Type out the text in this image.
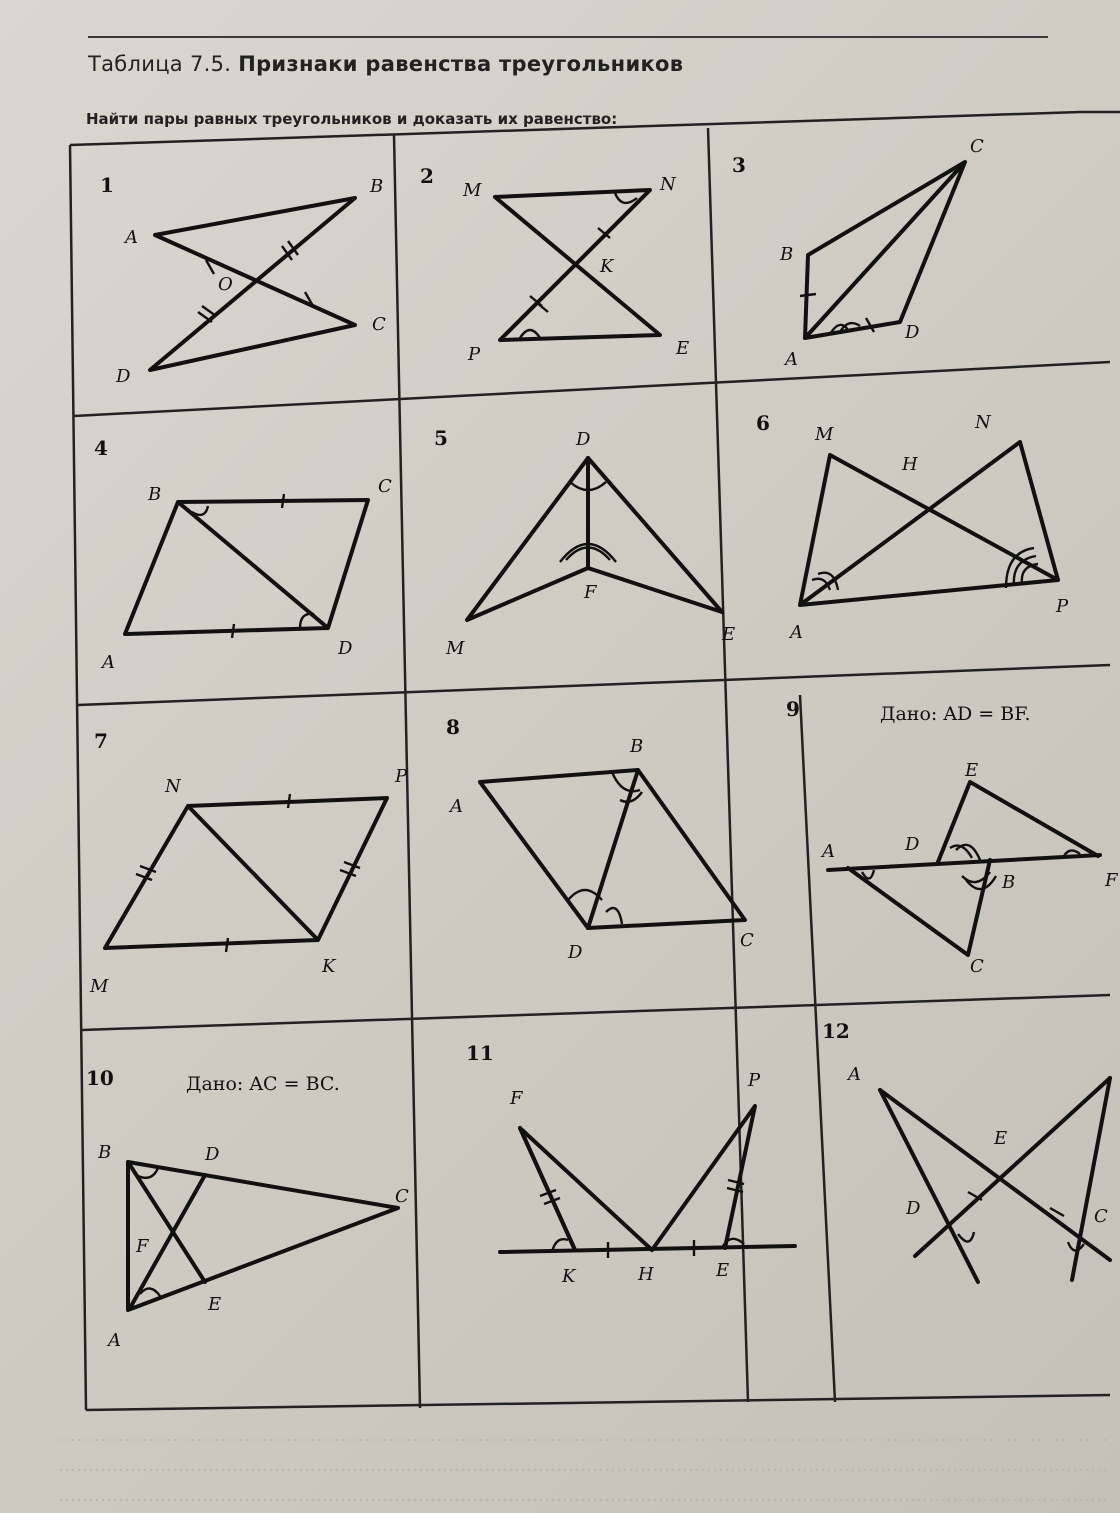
Таблица 7.5. Признаки равенства треугольников
Найти пары равных треугольников и доказать их равенство:
1	2	3
4	5
6
7
8
9
10
11
12
A
B
O
C
D
M	N
K
P	E
C
B
A
D
B	C
A
D
D
F
M
E
M
N
H
A
P
N	P
M
K
B
A
D
C
Дано: AD = BF.
E
A	D
B	F
C
Дано: AC = BC.
B	D
C
F
E
A
F
P
K	H	E
A
E
D	C
